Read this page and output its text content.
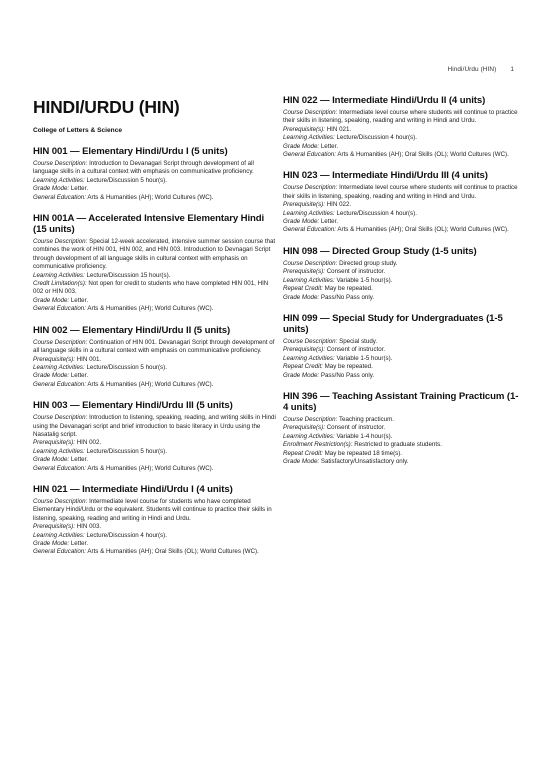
Hindi/Urdu (HIN) 1
HINDI/URDU (HIN)
College of Letters & Science
HIN 001 — Elementary Hindi/Urdu I (5 units)

Course Description: Introduction to Devanagari Script through development of all language skills in a cultural context with emphasis on communicative proficiency.

Learning Activities: Lecture/Discussion 5 hour(s).

Grade Mode: Letter.

General Education: Arts & Humanities (AH); World Cultures (WC).

HIN 001A — Accelerated Intensive Elementary Hindi (15 units)

Course Description: Special 12-week accelerated, intensive summer session course that combines the work of HIN 001, HIN 002, and HIN 003. Introduction to Devnagari Script through development of all language skills in cultural context with emphasis on communicative proficiency.

Learning Activities: Lecture/Discussion 15 hour(s).

Credit Limitation(s): Not open for credit to students who have completed HIN 001, HIN 002 or HIN 003.

Grade Mode: Letter.

General Education: Arts & Humanities (AH); World Cultures (WC).

HIN 002 — Elementary Hindi/Urdu II (5 units)

Course Description: Continuation of HIN 001. Devanagari Script through development of all language skills in a cultural context with emphasis on communicative proficiency.

Prerequisite(s): HIN 001.

Learning Activities: Lecture/Discussion 5 hour(s).

Grade Mode: Letter.

General Education: Arts & Humanities (AH); World Cultures (WC).

HIN 003 — Elementary Hindi/Urdu III (5 units)

Course Description: Introduction to listening, speaking, reading, and writing skills in Hindi using the Devanagari script and brief introduction to basic literacy in Urdu using the Nasatalig script.

Prerequisite(s): HIN 002.

Learning Activities: Lecture/Discussion 5 hour(s).

Grade Mode: Letter.

General Education: Arts & Humanities (AH); World Cultures (WC).

HIN 021 — Intermediate Hindi/Urdu I (4 units)

Course Description: Intermediate level course for students who have completed Elementary Hindi/Urdu or the equivalent. Students will continue to practice their skills in listening, speaking, reading and writing in Hindi and Urdu.

Prerequisite(s): HIN 003.

Learning Activities: Lecture/Discussion 4 hour(s).

Grade Mode: Letter.

General Education: Arts & Humanities (AH); Oral Skills (OL); World Cultures (WC).

HIN 022 — Intermediate Hindi/Urdu II (4 units)

Course Description: Intermediate level course where students will continue to practice their skills in listening, speaking, reading and writing in Hindi and Urdu.

Prerequisite(s): HIN 021.

Learning Activities: Lecture/Discussion 4 hour(s).

Grade Mode: Letter.

General Education: Arts & Humanities (AH); Oral Skills (OL); World Cultures (WC).

HIN 023 — Intermediate Hindi/Urdu III (4 units)

Course Description: Intermediate level course where students will continue to practice their skills in listening, speaking, reading and writing in Hindi and Urdu.

Prerequisite(s): HIN 022.

Learning Activities: Lecture/Discussion 4 hour(s).

Grade Mode: Letter.

General Education: Arts & Humanities (AH); Oral Skills (OL); World Cultures (WC).

HIN 098 — Directed Group Study (1-5 units)

Course Description: Directed group study.

Prerequisite(s): Consent of instructor.

Learning Activities: Variable 1-5 hour(s).

Repeat Credit: May be repeated.

Grade Mode: Pass/No Pass only.

HIN 099 — Special Study for Undergraduates (1-5 units)

Course Description: Special study.

Prerequisite(s): Consent of instructor.

Learning Activities: Variable 1-5 hour(s).

Repeat Credit: May be repeated.

Grade Mode: Pass/No Pass only.

HIN 396 — Teaching Assistant Training Practicum (1-4 units)

Course Description: Teaching practicum.

Prerequisite(s): Consent of instructor.

Learning Activities: Variable 1-4 hour(s).

Enrollment Restriction(s): Restricted to graduate students.

Repeat Credit: May be repeated 18 time(s).

Grade Mode: Satisfactory/Unsatisfactory only.
